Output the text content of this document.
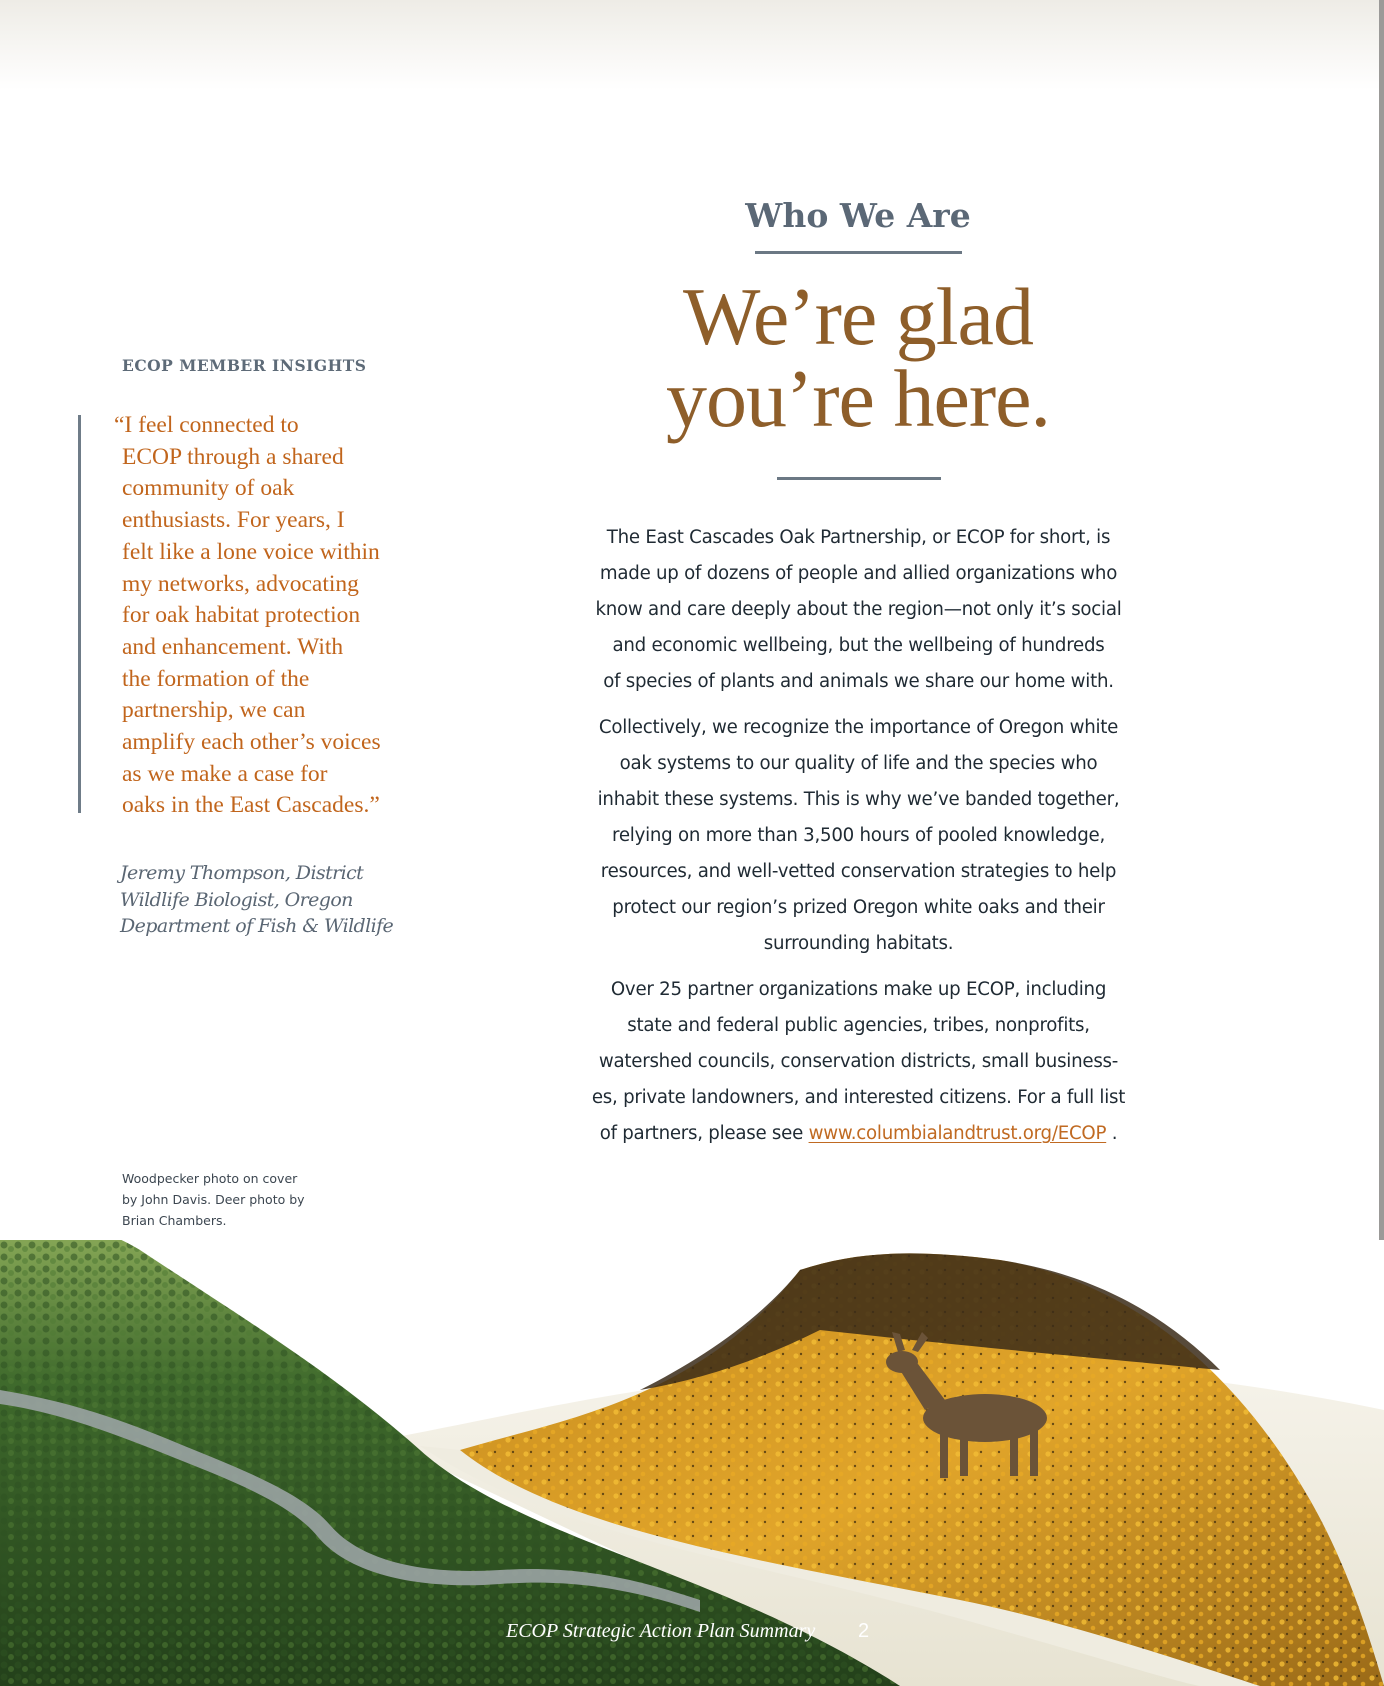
ECOP MEMBER INSIGHTS
“I feel connected to
ECOP through a shared
community of oak
enthusiasts. For years, I
felt like a lone voice within
my networks, advocating
for oak habitat protection
and enhancement. With
the formation of the
partnership, we can
amplify each other’s voices
as we make a case for
oaks in the East Cascades.”
Jeremy Thompson, District
Wildlife Biologist, Oregon
Department of Fish & Wildlife
Woodpecker photo on cover
by John Davis. Deer photo by
Brian Chambers.
Who We Are
We’re glad
you’re here.

The East Cascades Oak Partnership, or ECOP for short, is
made up of dozens of people and allied organizations who
know and care deeply about the region—not only it’s social
and economic wellbeing, but the wellbeing of hundreds
of species of plants and animals we share our home with.

Collectively, we recognize the importance of Oregon white
oak systems to our quality of life and the species who
inhabit these systems. This is why we’ve banded together,
relying on more than 3,500 hours of pooled knowledge,
resources, and well-vetted conservation strategies to help
protect our region’s prized Oregon white oaks and their
surrounding habitats.

Over 25 partner organizations make up ECOP, including
state and federal public agencies, tribes, nonprofits,
watershed councils, conservation districts, small business-
es, private landowners, and interested citizens. For a full list
of partners, please see www.columbialandtrust.org/ECOP .

ECOP Strategic Action Plan Summary 2
